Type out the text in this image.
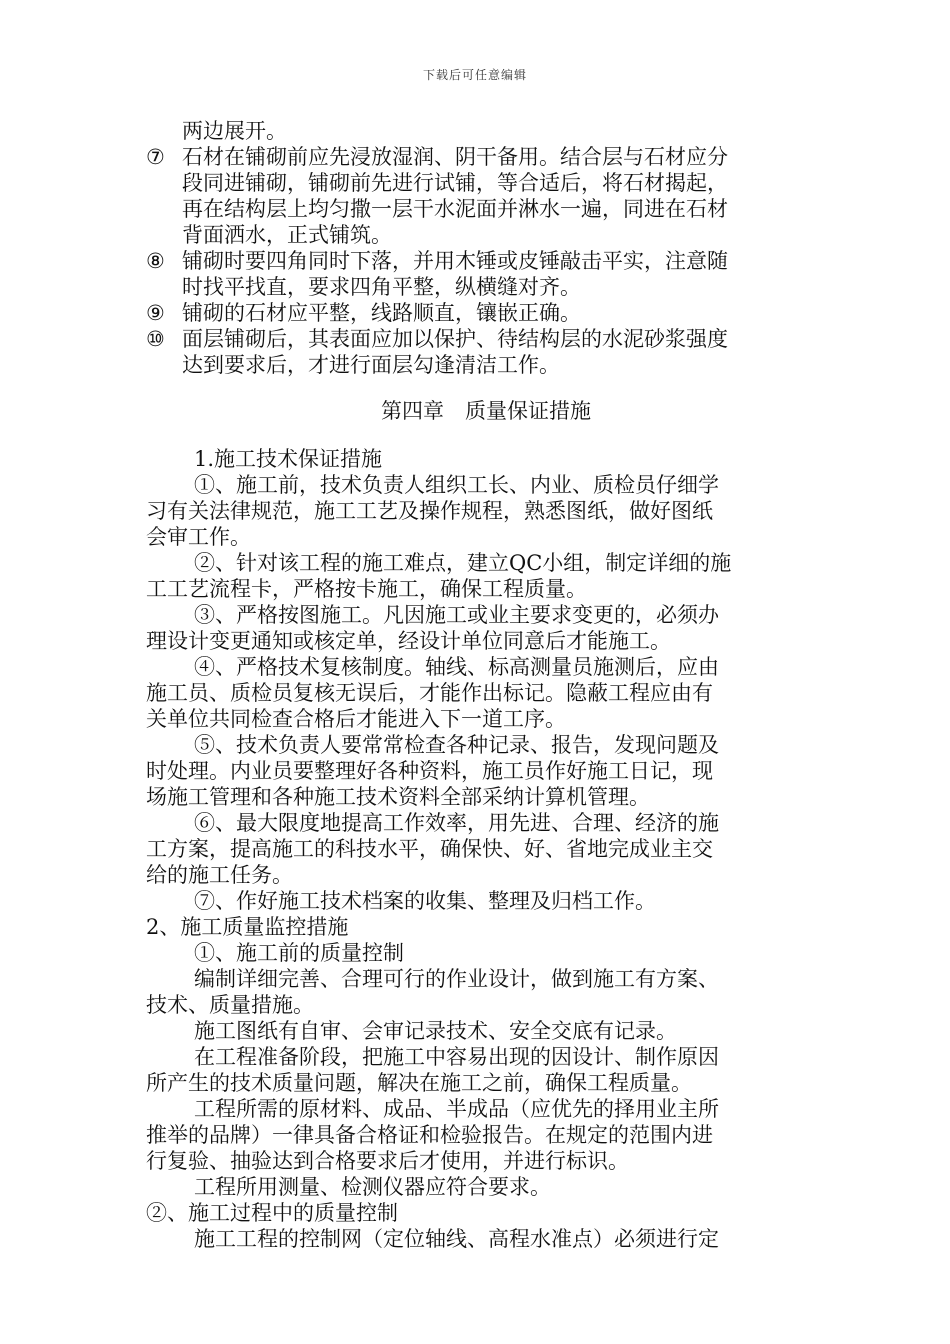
下载后可任意编辑
两边展开。
⑦ 石材在铺砌前应先浸放湿润、阴干备用。结合层与石材应分
段同进铺砌，铺砌前先进行试铺，等合适后，将石材揭起，
再在结构层上均匀撒一层干水泥面并淋水一遍，同进在石材
背面洒水，正式铺筑。
⑧ 铺砌时要四角同时下落，并用木锤或皮锤敲击平实，注意随
时找平找直，要求四角平整，纵横缝对齐。
⑨ 铺砌的石材应平整，线路顺直，镶嵌正确。
⑩ 面层铺砌后，其表面应加以保护、待结构层的水泥砂浆强度
达到要求后，才进行面层勾逢清洁工作。
第四章　质量保证措施
1.施工技术保证措施
①、施工前，技术负责人组织工长、内业、质检员仔细学
习有关法律规范，施工工艺及操作规程，熟悉图纸，做好图纸
会审工作。
②、针对该工程的施工难点，建立QC小组，制定详细的施
工工艺流程卡，严格按卡施工，确保工程质量。
③、严格按图施工。凡因施工或业主要求变更的，必须办
理设计变更通知或核定单，经设计单位同意后才能施工。
④、严格技术复核制度。轴线、标高测量员施测后，应由
施工员、质检员复核无误后，才能作出标记。隐蔽工程应由有
关单位共同检查合格后才能进入下一道工序。
⑤、技术负责人要常常检查各种记录、报告，发现问题及
时处理。内业员要整理好各种资料，施工员作好施工日记，现
场施工管理和各种施工技术资料全部采纳计算机管理。
⑥、最大限度地提高工作效率，用先进、合理、经济的施
工方案，提高施工的科技水平，确保快、好、省地完成业主交
给的施工任务。
⑦、作好施工技术档案的收集、整理及归档工作。
2、施工质量监控措施
①、施工前的质量控制
编制详细完善、合理可行的作业设计，做到施工有方案、
技术、质量措施。
施工图纸有自审、会审记录技术、安全交底有记录。
在工程准备阶段，把施工中容易出现的因设计、制作原因
所产生的技术质量问题，解决在施工之前，确保工程质量。
工程所需的原材料、成品、半成品（应优先的择用业主所
推举的品牌）一律具备合格证和检验报告。在规定的范围内进
行复验、抽验达到合格要求后才使用，并进行标识。
工程所用测量、检测仪器应符合要求。
②、施工过程中的质量控制
施工工程的控制网（定位轴线、高程水准点）必须进行定
